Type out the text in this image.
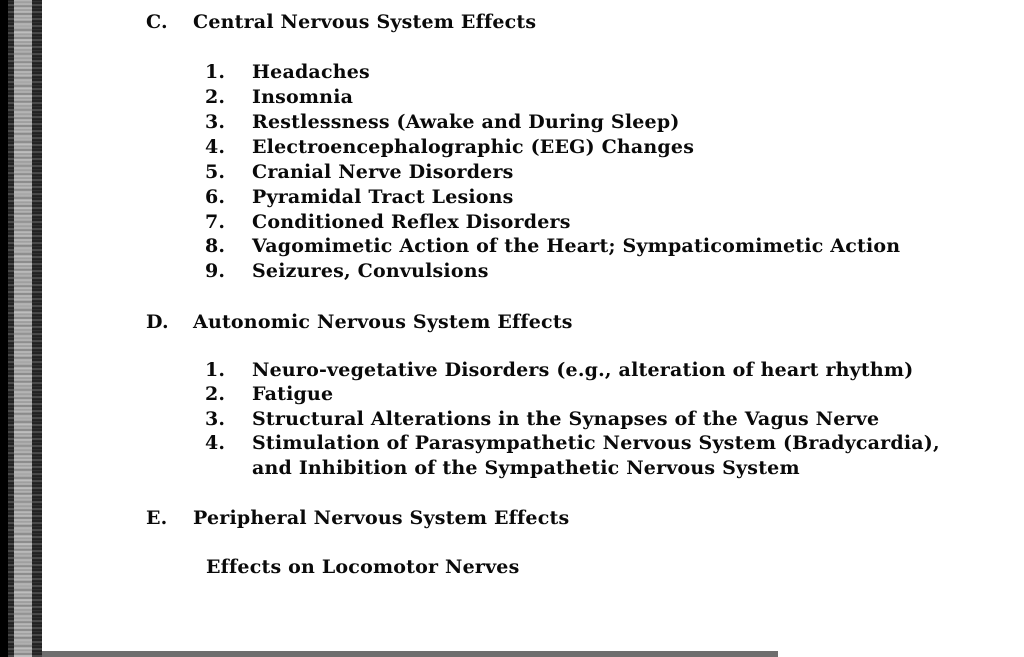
C. Central Nervous System Effects
1. Headaches
2. Insomnia
3. Restlessness (Awake and During Sleep)
4. Electroencephalographic (EEG) Changes
5. Cranial Nerve Disorders
6. Pyramidal Tract Lesions
7. Conditioned Reflex Disorders
8. Vagomimetic Action of the Heart; Sympaticomimetic Action
9. Seizures, Convulsions
D. Autonomic Nervous System Effects
1. Neuro-vegetative Disorders (e.g., alteration of heart rhythm)
2. Fatigue
3. Structural Alterations in the Synapses of the Vagus Nerve
4. Stimulation of Parasympathetic Nervous System (Bradycardia),
and Inhibition of the Sympathetic Nervous System
E. Peripheral Nervous System Effects
Effects on Locomotor Nerves
